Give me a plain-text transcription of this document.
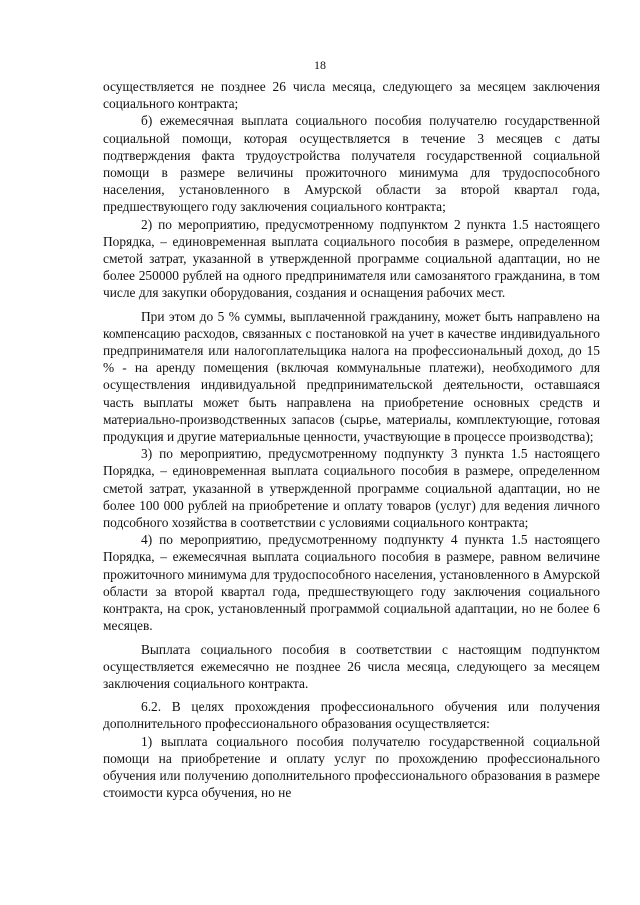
18

осуществляется не позднее 26 числа месяца, следующего за месяцем заключения социального контракта;

б) ежемесячная выплата социального пособия получателю государственной социальной помощи, которая осуществляется в течение 3 месяцев с даты подтверждения факта трудоустройства получателя государственной социальной помощи в размере величины прожиточного минимума для трудоспособного населения, установленного в Амурской области за второй квартал года, предшествующего году заключения социального контракта;

2) по мероприятию, предусмотренному подпунктом 2 пункта 1.5 настоящего Порядка, – единовременная выплата социального пособия в размере, определенном сметой затрат, указанной в утвержденной программе социальной адаптации, но не более 250000 рублей на одного предпринимателя или самозанятого гражданина, в том числе для закупки оборудования, создания и оснащения рабочих мест.

При этом до 5 % суммы, выплаченной гражданину, может быть направлено на компенсацию расходов, связанных с постановкой на учет в качестве индивидуального предпринимателя или налогоплательщика налога на профессиональный доход, до 15 % - на аренду помещения (включая коммунальные платежи), необходимого для осуществления индивидуальной предпринимательской деятельности, оставшаяся часть выплаты может быть направлена на приобретение основных средств и материально-производственных запасов (сырье, материалы, комплектующие, готовая продукция и другие материальные ценности, участвующие в процессе производства);

3) по мероприятию, предусмотренному подпункту 3 пункта 1.5 настоящего Порядка, – единовременная выплата социального пособия в размере, определенном сметой затрат, указанной в утвержденной программе социальной адаптации, но не более 100 000 рублей на приобретение и оплату товаров (услуг) для ведения личного подсобного хозяйства в соответствии с условиями социального контракта;

4) по мероприятию, предусмотренному подпункту 4 пункта 1.5 настоящего Порядка, – ежемесячная выплата социального пособия в размере, равном величине прожиточного минимума для трудоспособного населения, установленного в Амурской области за второй квартал года, предшествующего году заключения социального контракта, на срок, установленный программой социальной адаптации, но не более 6 месяцев.

Выплата социального пособия в соответствии с настоящим подпунктом осуществляется ежемесячно не позднее 26 числа месяца, следующего за месяцем заключения социального контракта.

6.2. В целях прохождения профессионального обучения или получения дополнительного профессионального образования осуществляется:

1) выплата социального пособия получателю государственной социальной помощи на приобретение и оплату услуг по прохождению профессионального обучения или получению дополнительного профессионального образования в размере стоимости курса обучения, но не
